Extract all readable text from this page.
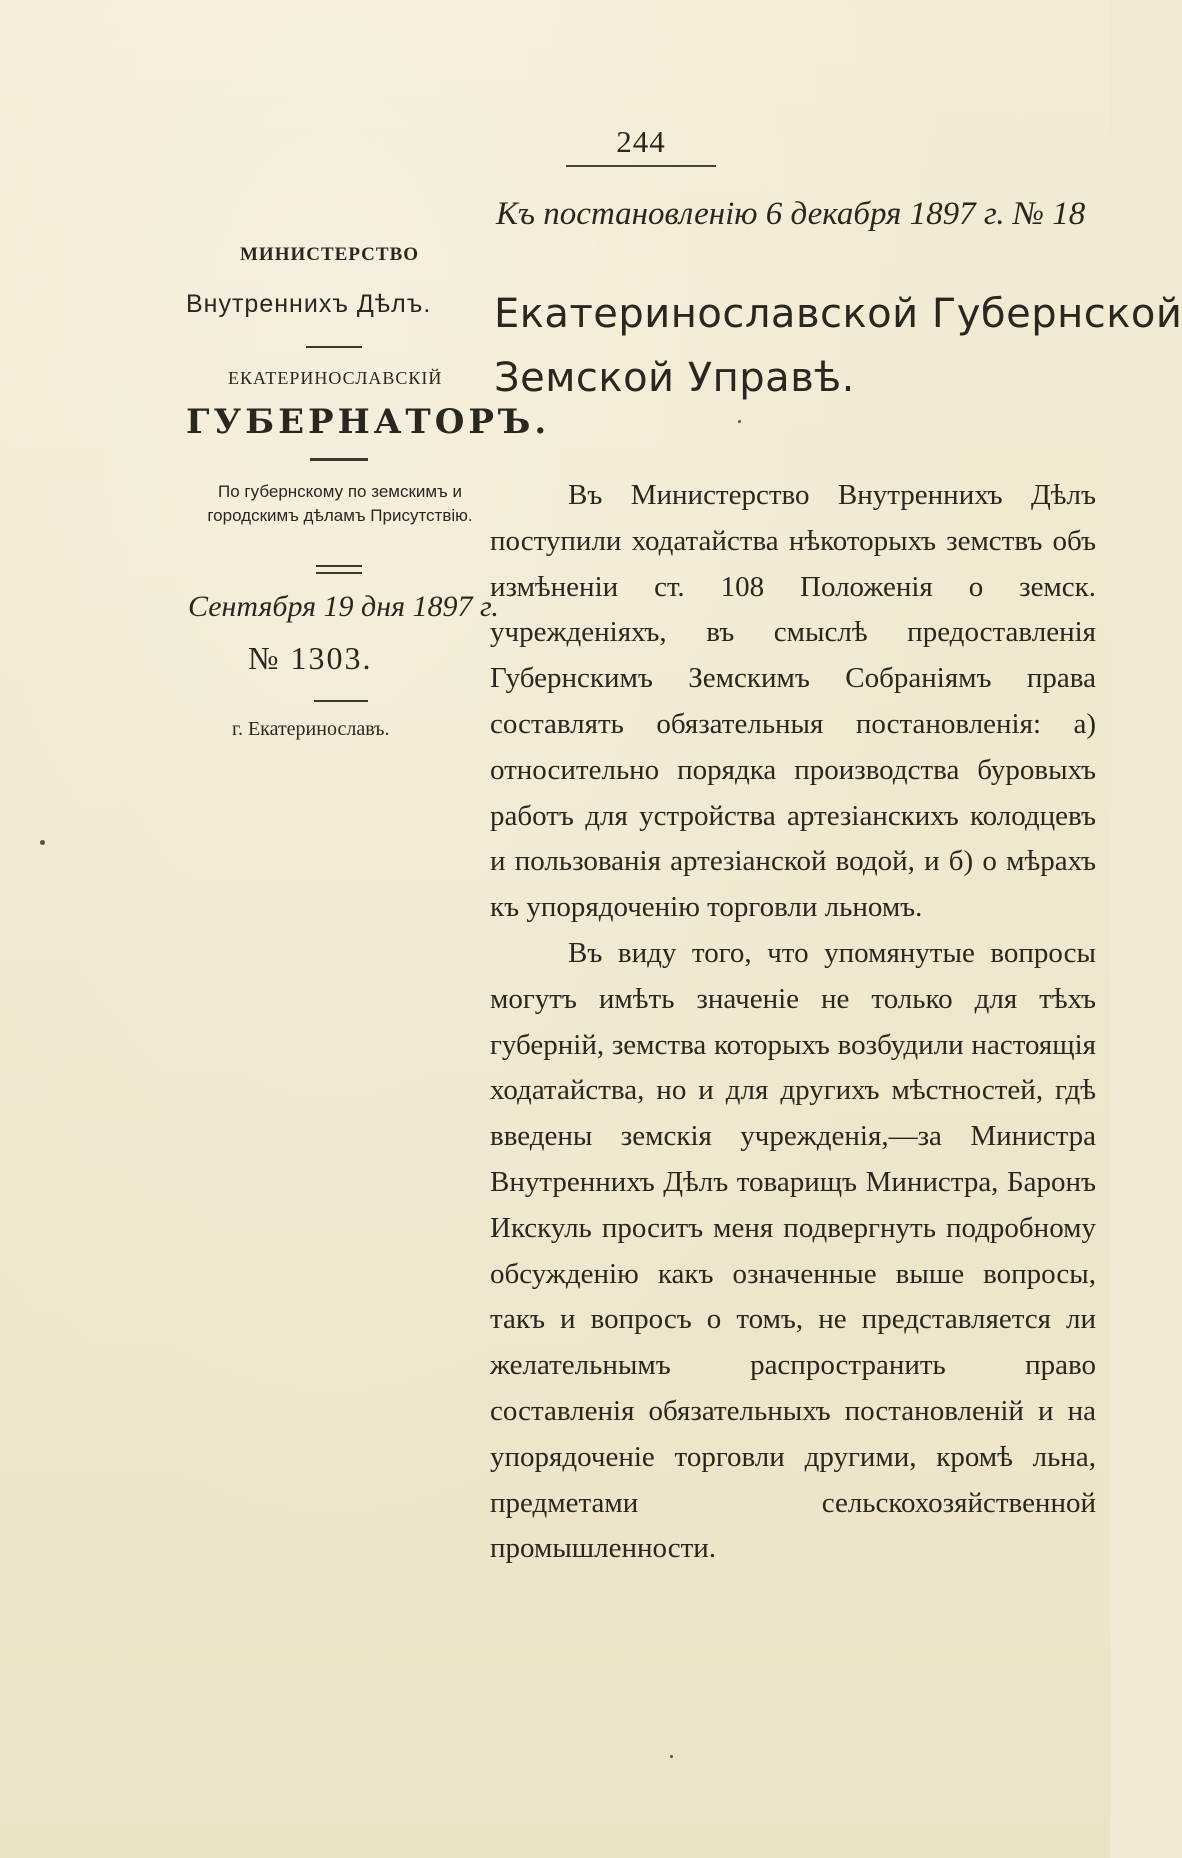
244
Къ постановленію 6 декабря 1897 г. № 18
МИНИСТЕРСТВО
Внутреннихъ Дѣлъ.
ЕКАТЕРИНОСЛАВСКІЙ
ГУБЕРНАТОРЪ.
По губернскому по земскимъ и городскимъ дѣламъ Присутствію.
Сентября 19 дня 1897 г.
№ 1303.
г. Екатеринославъ.
Екатеринославской Губернской
Земской Управѣ.

Въ Министерство Внутреннихъ Дѣлъ поступили ходатайства нѣкоторыхъ земствъ объ измѣненіи ст. 108 Положенія о земск. учрежденіяхъ, въ смыслѣ предоставленія Губернскимъ Земскимъ Собраніямъ права составлять обязательныя постановленія: а) относительно порядка производства буровыхъ работъ для устройства артезіанскихъ колодцевъ и пользованія артезіанской водой, и б) о мѣрахъ къ упорядоченію торговли льномъ.

Въ виду того, что упомянутые вопросы могутъ имѣть значеніе не только для тѣхъ губерній, земства которыхъ возбудили настоящія ходатайства, но и для другихъ мѣстностей, гдѣ введены земскія учрежденія,—за Министра Внутреннихъ Дѣлъ товарищъ Министра, Баронъ Икскуль проситъ меня подвергнуть подробному обсужденію какъ означенные выше вопросы, такъ и вопросъ о томъ, не представляется ли желательнымъ распространить право составленія обязательныхъ постановленій и на упорядоченіе торговли другими, кромѣ льна, предметами сельскохозяйственной промышленности.
